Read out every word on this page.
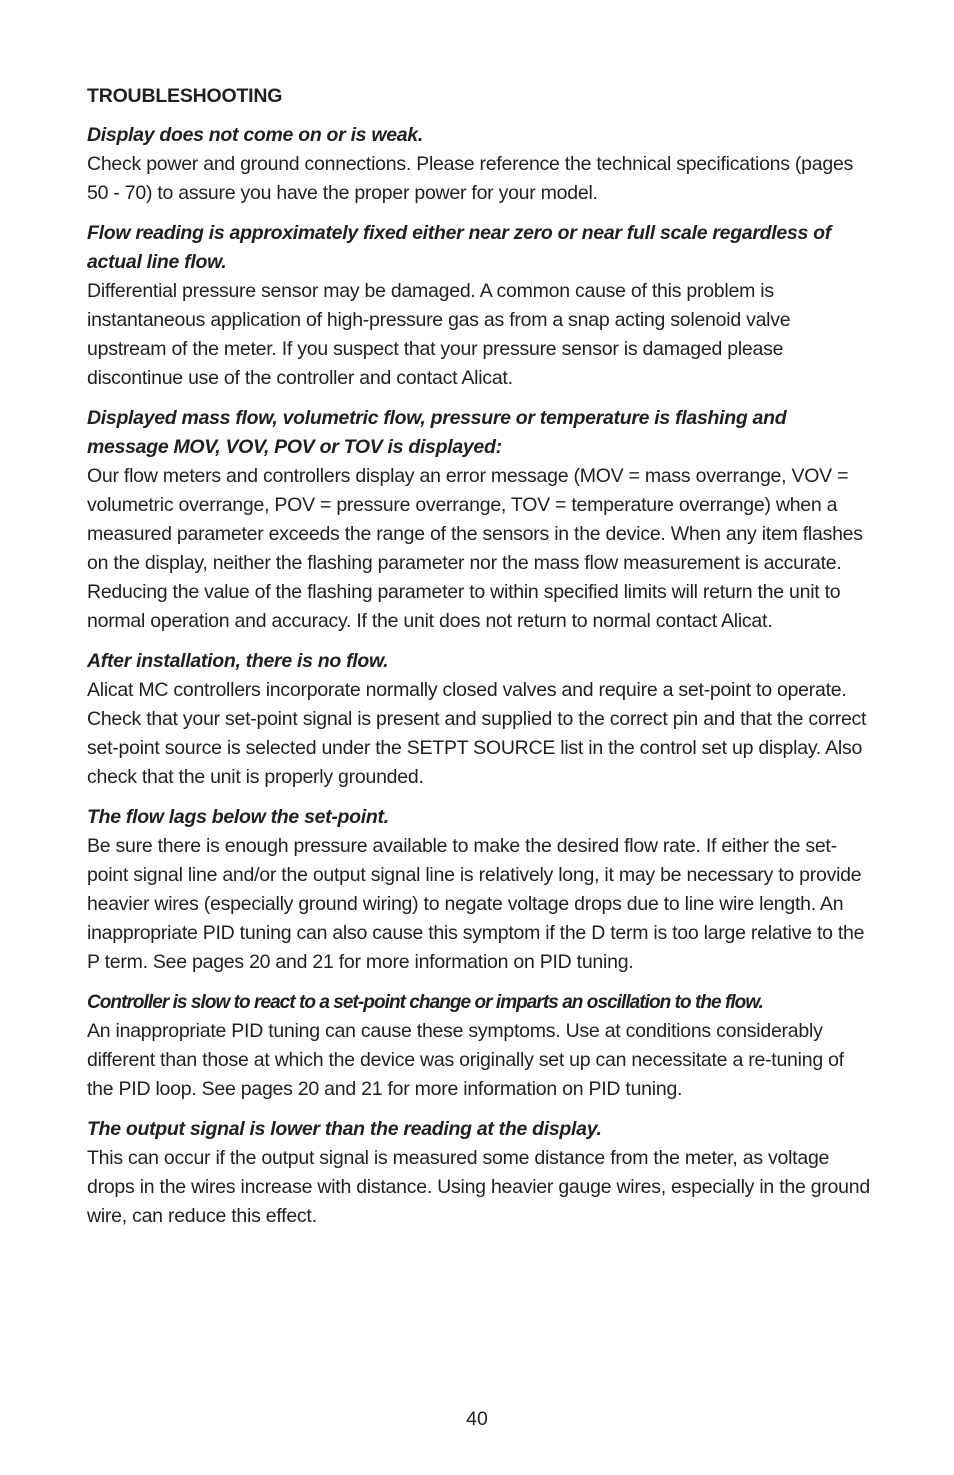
TROUBLESHOOTING

Display does not come on or is weak.

Check power and ground connections. Please reference the technical specifications (pages 50 - 70) to assure you have the proper power for your model.

Flow reading is approximately fixed either near zero or near full scale regardless of actual line flow.

Differential pressure sensor may be damaged. A common cause of this problem is instantaneous application of high-pressure gas as from a snap acting solenoid valve upstream of the meter. If you suspect that your pressure sensor is damaged please discontinue use of the controller and contact Alicat.

Displayed mass flow, volumetric flow, pressure or temperature is flashing and message MOV, VOV, POV or TOV is displayed:

Our flow meters and controllers display an error message (MOV = mass overrange, VOV = volumetric overrange, POV = pressure overrange, TOV = temperature overrange) when a measured parameter exceeds the range of the sensors in the device. When any item flashes on the display, neither the flashing parameter nor the mass flow measurement is accurate. Reducing the value of the flashing parameter to within specified limits will return the unit to normal operation and accuracy. If the unit does not return to normal contact Alicat.

After installation, there is no flow.

Alicat MC controllers incorporate normally closed valves and require a set-point to operate. Check that your set-point signal is present and supplied to the correct pin and that the correct set-point source is selected under the SETPT SOURCE list in the control set up display. Also check that the unit is properly grounded.

The flow lags below the set-point.

Be sure there is enough pressure available to make the desired flow rate. If either the set-point signal line and/or the output signal line is relatively long, it may be necessary to provide heavier wires (especially ground wiring) to negate voltage drops due to line wire length. An inappropriate PID tuning can also cause this symptom if the D term is too large relative to the P term. See pages 20 and 21 for more information on PID tuning.

Controller is slow to react to a set-point change or imparts an oscillation to the flow.

An inappropriate PID tuning can cause these symptoms. Use at conditions considerably different than those at which the device was originally set up can necessitate a re-tuning of the PID loop. See pages 20 and 21 for more information on PID tuning.

The output signal is lower than the reading at the display.

This can occur if the output signal is measured some distance from the meter, as voltage drops in the wires increase with distance. Using heavier gauge wires, especially in the ground wire, can reduce this effect.

40
